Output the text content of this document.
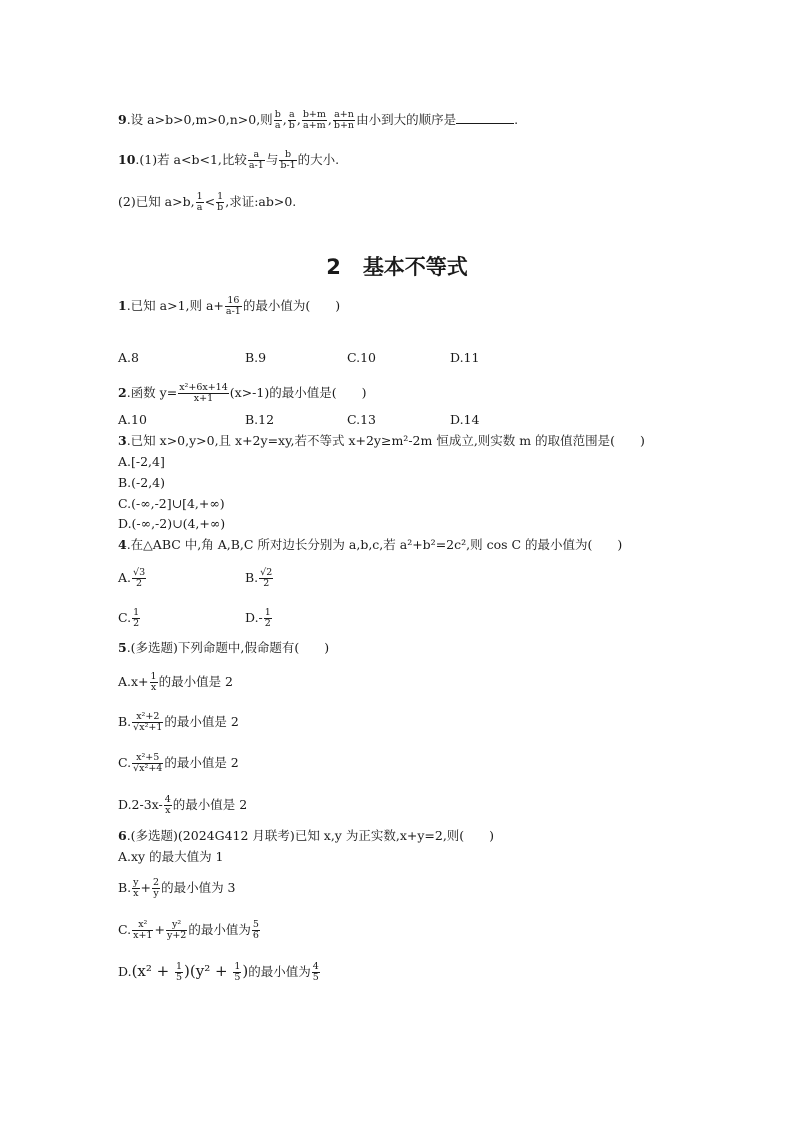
9.设 a>b>0,m>0,n>0,则 $\frac{b}{a}$ , $\frac{a}{b}$ , $\frac{b+m}{a+m}$ , $\frac{a+n}{b+n}$ 由小到大的顺序是	.
10.(1)若 a<b<1,比较 $\frac{a}{a-1}$ 与 $\frac{b}{b-1}$ 的大小.
(2)已知 a>b, $\frac{1}{a} < \frac{1}{b}$ ,求证:ab>0.
2 基本不等式
1.已知 a>1,则 $a+ \frac{16}{a-1}$ 的最小值为(　　)
A.8	B.9	C.10	D.11
2.函数 $y= \frac{\text{x²+6x+14}}{x+1} (x>-1)$的最小值是(　　)
A.10	B.12	C.13	D.14
3.已知 x>0,y>0,且 x+2y=xy,若不等式 x+2y≥m²-2m 恒成立,则实数 m 的取值范围是(　　)
A.[-2,4]
B.(-2,4)
C.(-∞,-2]∪[4,+∞)
D.(-∞,-2)∪(4,+∞)
4.在△ABC 中,角 A,B,C 所对边长分别为 a,b,c,若 a²+b²=2c²,则 cos C 的最小值为(　　)
A. $\frac{√3}{2}$	B. $\frac{√2}{2}$
C. $\frac{1}{2}$	$D.- \frac{1}{2}$
5.(多选题)下列命题中,假命题有(　　)
$A.x+ \frac{1}{x}$ 的最小值是 2
B. $\frac{\text{x²+2}}{\text{√x²+1}}$ 的最小值是 2
C. $\frac{\text{x²+5}}{\text{√x²+4}}$ 的最小值是 2
$D.2-3x- \frac{4}{x}$ 的最小值是 2
6.(多选题)(2024G412 月联考)已知 x,y 为正实数,x+y=2,则(　　)
A.xy 的最大值为 1
B. $\frac{y}{x} + \frac{2}{y}$ 的最小值为 3
C. $\frac{\text{x²}}{x+1} + \frac{\text{y²}}{y+2}$ 的最小值为 $\frac{5}{6}$
$D.(x^2 + \frac{1}{5} )(y^2 + \frac{1}{5}$ )的最小值为 $\frac{4}{5}$
